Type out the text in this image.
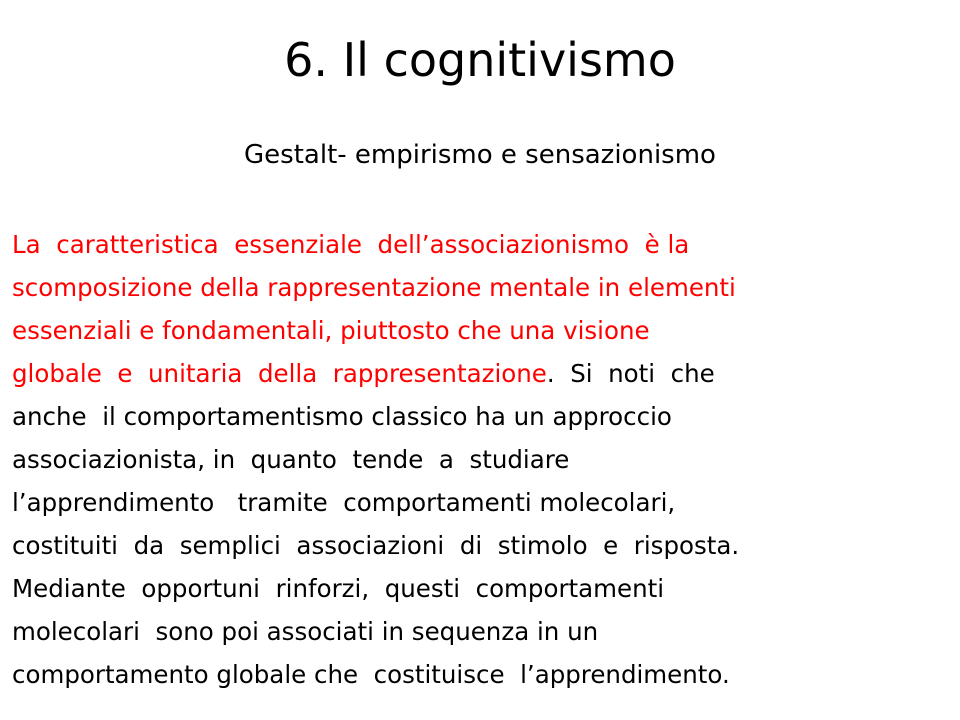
6. Il cognitivismo
Gestalt- empirismo e sensazionismo
La  caratteristica  essenziale  dell’associazionismo  è la
scomposizione della rappresentazione mentale in elementi
essenziali e fondamentali, piuttosto che una visione
globale  e  unitaria  della  rappresentazione.  Si  noti  che
anche  il comportamentismo classico ha un approccio
associazionista, in  quanto  tende  a  studiare
l’apprendimento   tramite  comportamenti molecolari,
costituiti  da  semplici  associazioni  di  stimolo  e  risposta.
Mediante  opportuni  rinforzi,  questi  comportamenti
molecolari  sono poi associati in sequenza in un
comportamento globale che  costituisce  l’apprendimento.
